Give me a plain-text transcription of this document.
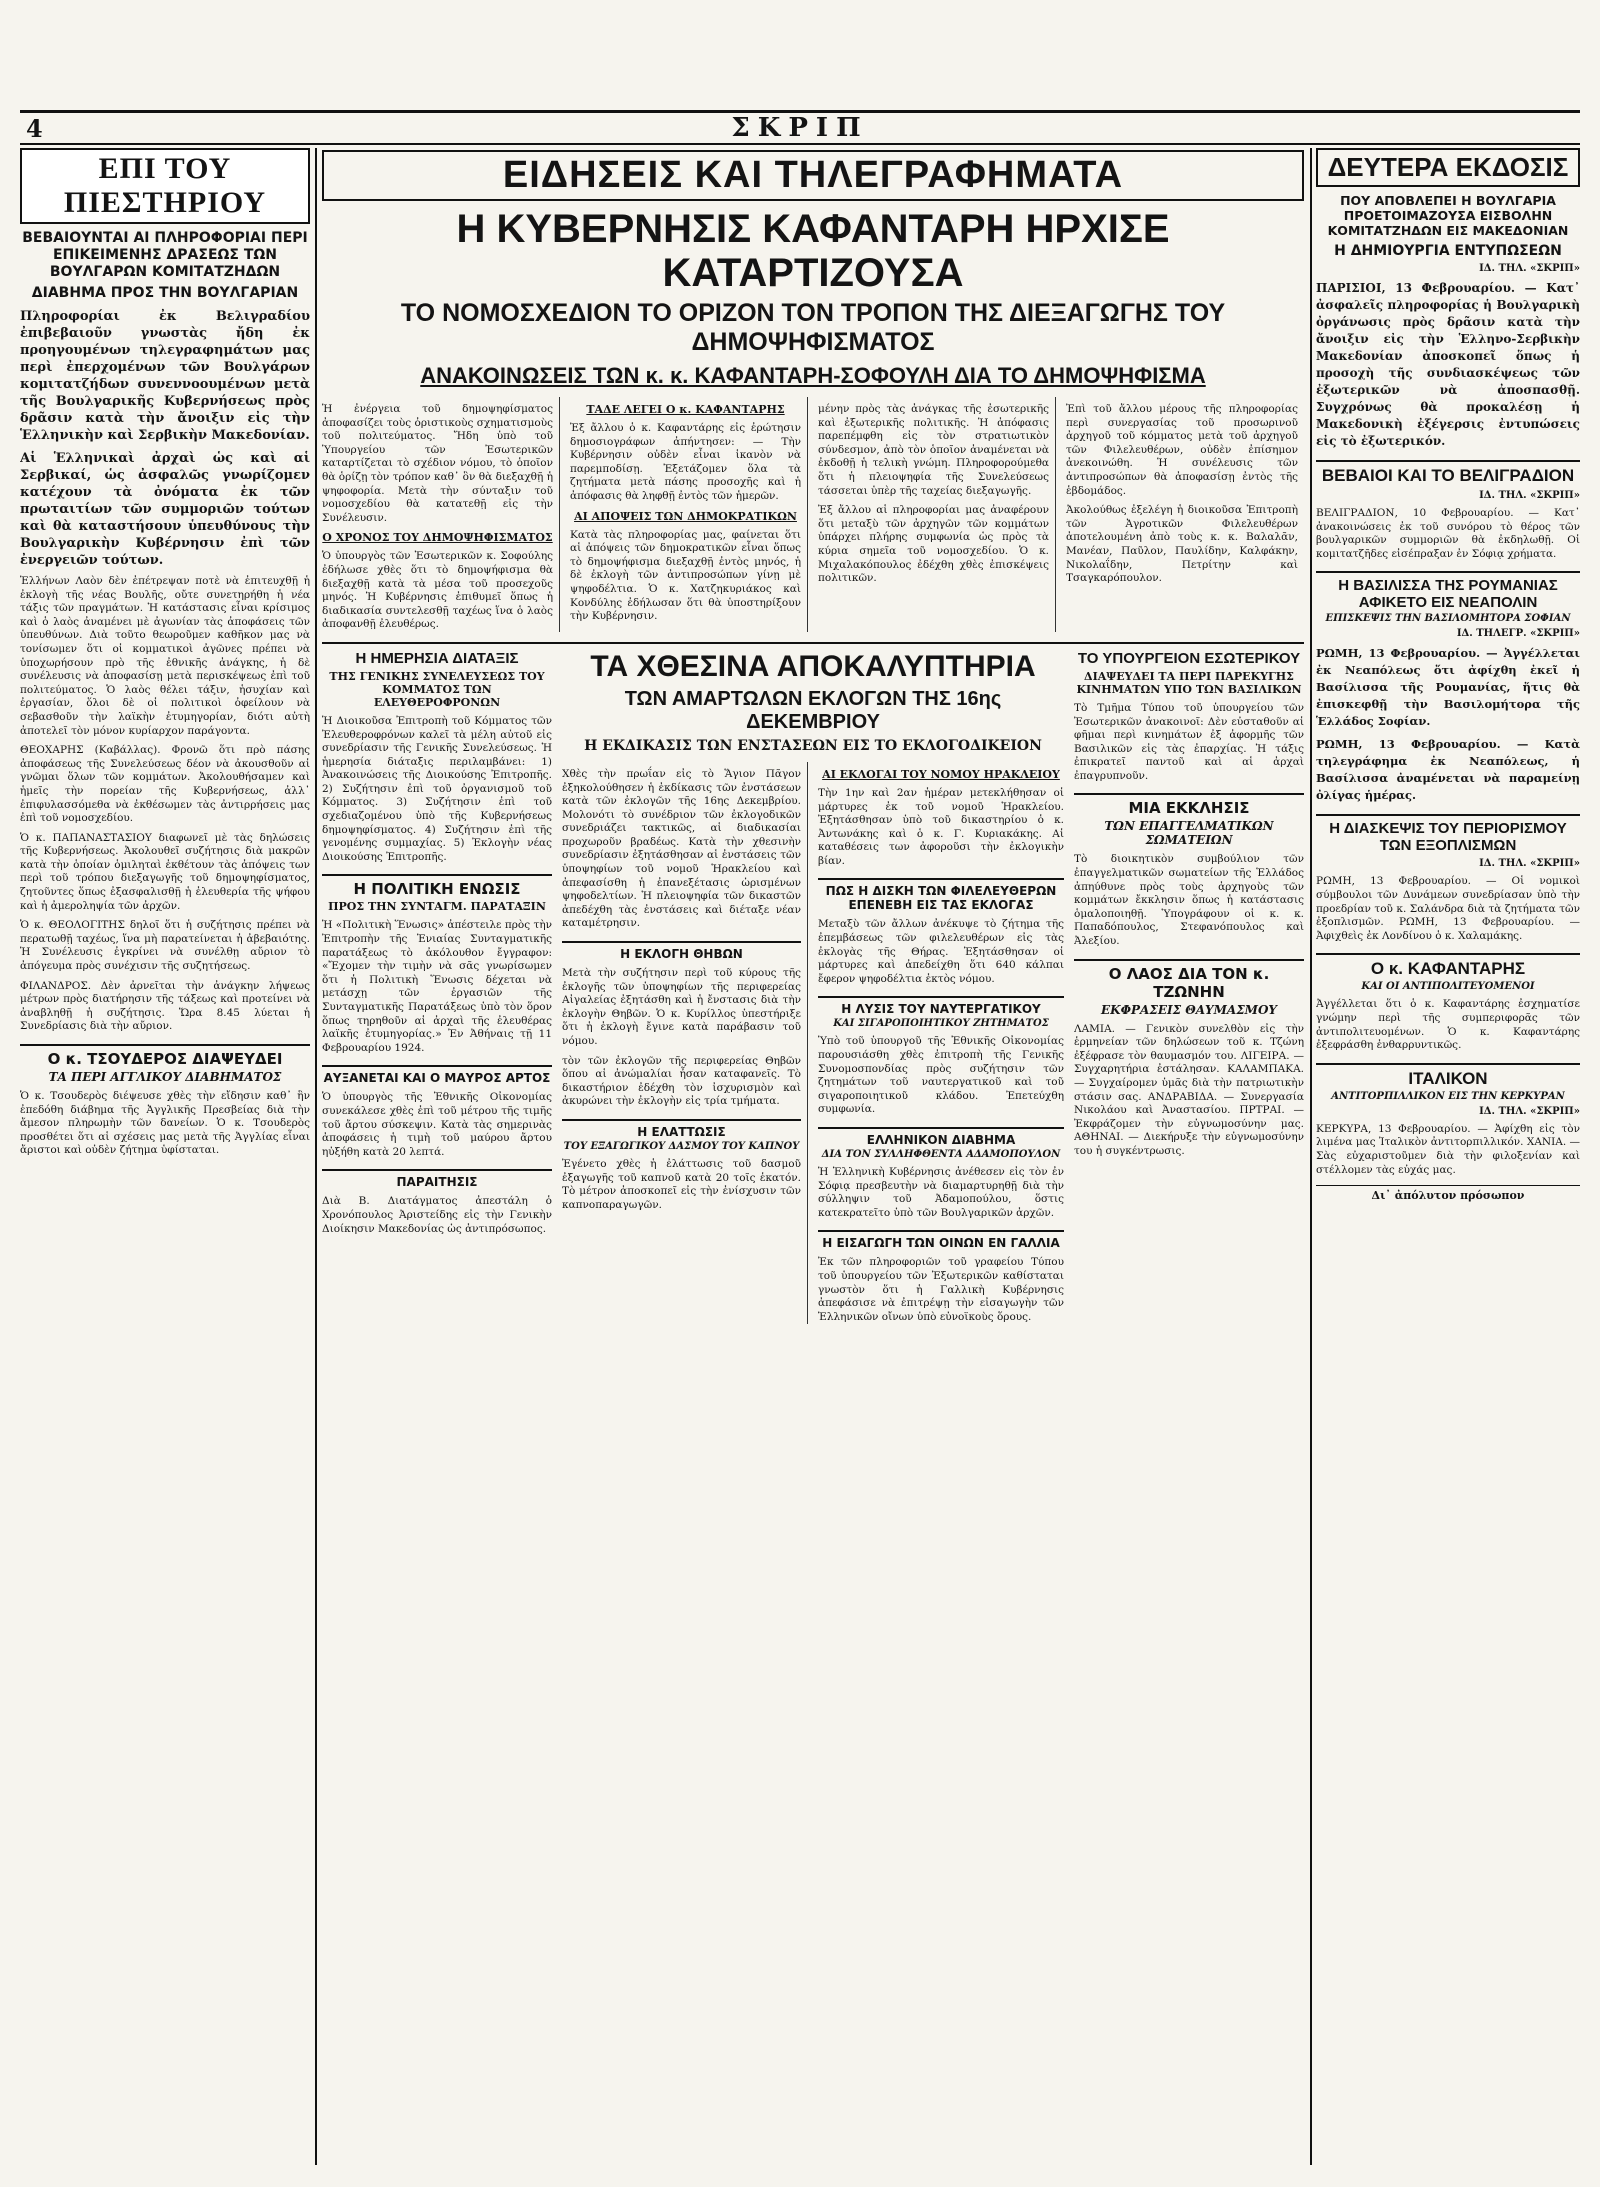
4	ΣΚΡΙΠ
ΕΠΙ ΤΟΥ ΠΙΕΣΤΗΡΙΟΥ
ΒΕΒΑΙΟΥΝΤΑΙ ΑΙ ΠΛΗΡΟΦΟΡΙΑΙ ΠΕΡΙ ΕΠΙΚΕΙΜΕΝΗΣ ΔΡΑΣΕΩΣ ΤΩΝ ΒΟΥΛΓΑΡΩΝ ΚΟΜΙΤΑΤΖΗΔΩΝ
ΔΙΑΒΗΜΑ ΠΡΟΣ ΤΗΝ ΒΟΥΛΓΑΡΙΑΝ
Πληροφορίαι ἐκ Βελιγραδίου ἐπιβεβαιοῦν γνωστὰς ἤδη ἐκ προηγουμένων τηλεγραφημάτων μας περὶ ἐπερχομένων τῶν Βουλγάρων κομιτατζήδων συνεννοουμένων μετὰ τῆς Βουλγαρικῆς Κυβερνήσεως πρὸς δρᾶσιν κατὰ τὴν ἄνοιξιν εἰς τὴν Ἑλληνικὴν καὶ Σερβικὴν Μακεδονίαν.
Αἱ Ἑλληνικαὶ ἀρχαὶ ὡς καὶ αἱ Σερβικαί, ὡς ἀσφαλῶς γνωρίζομεν κατέχουν τὰ ὀνόματα ἐκ τῶν πρωταιτίων τῶν συμμοριῶν τούτων καὶ θὰ καταστήσουν ὑπευθύνους τὴν Βουλγαρικὴν Κυβέρνησιν ἐπὶ τῶν ἐνεργειῶν τούτων.
Ἑλλήνων Λαὸν δὲν ἐπέτρεψαν ποτὲ νὰ ἐπιτευχθῇ ἡ ἐκλογὴ τῆς νέας Βουλῆς, οὔτε συνετηρήθη ἡ νέα τάξις τῶν πραγμάτων. Ἡ κατάστασις εἶναι κρίσιμος καὶ ὁ λαὸς ἀναμένει μὲ ἀγωνίαν τὰς ἀποφάσεις τῶν ὑπευθύνων. Διὰ τοῦτο θεωροῦμεν καθῆκον μας νὰ τονίσωμεν ὅτι οἱ κομματικοὶ ἀγῶνες πρέπει νὰ ὑποχωρήσουν πρὸ τῆς ἐθνικῆς ἀνάγκης, ἡ δὲ συνέλευσις νὰ ἀποφασίσῃ μετὰ περισκέψεως ἐπὶ τοῦ πολιτεύματος. Ὁ λαὸς θέλει τάξιν, ἡσυχίαν καὶ ἐργασίαν, ὅλοι δὲ οἱ πολιτικοὶ ὀφείλουν νὰ σεβασθοῦν τὴν λαϊκὴν ἐτυμηγορίαν, διότι αὐτὴ ἀποτελεῖ τὸν μόνον κυρίαρχον παράγοντα.
ΘΕΟΧΑΡΗΣ (Καβάλλας). Φρονῶ ὅτι πρὸ πάσης ἀποφάσεως τῆς Συνελεύσεως δέον νὰ ἀκουσθοῦν αἱ γνῶμαι ὅλων τῶν κομμάτων. Ἀκολουθήσαμεν καὶ ἡμεῖς τὴν πορείαν τῆς Κυβερνήσεως, ἀλλ᾽ ἐπιφυλασσόμεθα νὰ ἐκθέσωμεν τὰς ἀντιρρήσεις μας ἐπὶ τοῦ νομοσχεδίου.
Ὁ κ. ΠΑΠΑΝΑΣΤΑΣΙΟΥ διαφωνεῖ μὲ τὰς δηλώσεις τῆς Κυβερνήσεως. Ἀκολουθεῖ συζήτησις διὰ μακρῶν κατὰ τὴν ὁποίαν ὁμιληταὶ ἐκθέτουν τὰς ἀπόψεις των περὶ τοῦ τρόπου διεξαγωγῆς τοῦ δημοψηφίσματος, ζητοῦντες ὅπως ἐξασφαλισθῇ ἡ ἐλευθερία τῆς ψήφου καὶ ἡ ἀμεροληψία τῶν ἀρχῶν.
Ὁ κ. ΘΕΟΛΟΓΙΤΗΣ δηλοῖ ὅτι ἡ συζήτησις πρέπει νὰ περατωθῇ ταχέως, ἵνα μὴ παρατείνεται ἡ ἀβεβαιότης. Ἡ Συνέλευσις ἐγκρίνει νὰ συνέλθῃ αὔριον τὸ ἀπόγευμα πρὸς συνέχισιν τῆς συζητήσεως.
ΦΙΛΑΝΔΡΟΣ. Δὲν ἀρνεῖται τὴν ἀνάγκην λήψεως μέτρων πρὸς διατήρησιν τῆς τάξεως καὶ προτείνει νὰ ἀναβληθῇ ἡ συζήτησις. Ὥρα 8.45 λύεται ἡ Συνεδρίασις διὰ τὴν αὔριον.
Ο κ. ΤΣΟΥΔΕΡΟΣ ΔΙΑΨΕΥΔΕΙ
ΤΑ ΠΕΡΙ ΑΓΓΛΙΚΟΥ ΔΙΑΒΗΜΑΤΟΣ
Ὁ κ. Τσουδερὸς διέψευσε χθὲς τὴν εἴδησιν καθ᾽ ἣν ἐπεδόθη διάβημα τῆς Ἀγγλικῆς Πρεσβείας διὰ τὴν ἄμεσον πληρωμὴν τῶν δανείων. Ὁ κ. Τσουδερὸς προσθέτει ὅτι αἱ σχέσεις μας μετὰ τῆς Ἀγγλίας εἶναι ἄριστοι καὶ οὐδὲν ζήτημα ὑφίσταται.
ΕΙΔΗΣΕΙΣ ΚΑΙ ΤΗΛΕΓΡΑΦΗΜΑΤΑ
Η ΚΥΒΕΡΝΗΣΙΣ ΚΑΦΑΝΤΑΡΗ ΗΡΧΙΣΕ ΚΑΤΑΡΤΙΖΟΥΣΑ
ΤΟ ΝΟΜΟΣΧΕΔΙΟΝ ΤΟ ΟΡΙΖΟΝ ΤΟΝ ΤΡΟΠΟΝ ΤΗΣ ΔΙΕΞΑΓΩΓΗΣ ΤΟΥ ΔΗΜΟΨΗΦΙΣΜΑΤΟΣ
ΑΝΑΚΟΙΝΩΣΕΙΣ ΤΩΝ κ. κ. ΚΑΦΑΝΤΑΡΗ-ΣΟΦΟΥΛΗ ΔΙΑ ΤΟ ΔΗΜΟΨΗΦΙΣΜΑ
Ἡ ἐνέργεια τοῦ δημοψηφίσματος ἀποφασίζει τοὺς ὀριστικοὺς σχηματισμοὺς τοῦ πολιτεύματος. Ἤδη ὑπὸ τοῦ Ὑπουργείου τῶν Ἐσωτερικῶν καταρτίζεται τὸ σχέδιον νόμου, τὸ ὁποῖον θὰ ὁρίζῃ τὸν τρόπον καθ᾽ ὃν θὰ διεξαχθῇ ἡ ψηφοφορία. Μετὰ τὴν σύνταξιν τοῦ νομοσχεδίου θὰ κατατεθῇ εἰς τὴν Συνέλευσιν.
Ο ΧΡΟΝΟΣ ΤΟΥ ΔΗΜΟΨΗΦΙΣΜΑΤΟΣ
Ὁ ὑπουργὸς τῶν Ἐσωτερικῶν κ. Σοφούλης ἐδήλωσε χθὲς ὅτι τὸ δημοψήφισμα θὰ διεξαχθῇ κατὰ τὰ μέσα τοῦ προσεχοῦς μηνός. Ἡ Κυβέρνησις ἐπιθυμεῖ ὅπως ἡ διαδικασία συντελεσθῇ ταχέως ἵνα ὁ λαὸς ἀποφανθῇ ἐλευθέρως.
ΤΑΔΕ ΛΕΓΕΙ Ο κ. ΚΑΦΑΝΤΑΡΗΣ
Ἐξ ἄλλου ὁ κ. Καφαντάρης εἰς ἐρώτησιν δημοσιογράφων ἀπήντησεν: — Τὴν Κυβέρνησιν οὐδὲν εἶναι ἱκανὸν νὰ παρεμποδίσῃ. Ἐξετάζομεν ὅλα τὰ ζητήματα μετὰ πάσης προσοχῆς καὶ ἡ ἀπόφασις θὰ ληφθῇ ἐντὸς τῶν ἡμερῶν.
ΑΙ ΑΠΟΨΕΙΣ ΤΩΝ ΔΗΜΟΚΡΑΤΙΚΩΝ
Κατὰ τὰς πληροφορίας μας, φαίνεται ὅτι αἱ ἀπόψεις τῶν δημοκρατικῶν εἶναι ὅπως τὸ δημοψήφισμα διεξαχθῇ ἐντὸς μηνός, ἡ δὲ ἐκλογὴ τῶν ἀντιπροσώπων γίνῃ μὲ ψηφοδέλτια. Ὁ κ. Χατζηκυριάκος καὶ Κονδύλης ἐδήλωσαν ὅτι θὰ ὑποστηρίξουν τὴν Κυβέρνησιν.
μένην πρὸς τὰς ἀνάγκας τῆς ἐσωτερικῆς καὶ ἐξωτερικῆς πολιτικῆς. Ἡ ἀπόφασις παρεπέμφθη εἰς τὸν στρατιωτικὸν σύνδεσμον, ἀπὸ τὸν ὁποῖον ἀναμένεται νὰ ἐκδοθῇ ἡ τελικὴ γνώμη. Πληροφορούμεθα ὅτι ἡ πλειοψηφία τῆς Συνελεύσεως τάσσεται ὑπὲρ τῆς ταχείας διεξαγωγῆς.
Ἐξ ἄλλου αἱ πληροφορίαι μας ἀναφέρουν ὅτι μεταξὺ τῶν ἀρχηγῶν τῶν κομμάτων ὑπάρχει πλήρης συμφωνία ὡς πρὸς τὰ κύρια σημεῖα τοῦ νομοσχεδίου. Ὁ κ. Μιχαλακόπουλος ἐδέχθη χθὲς ἐπισκέψεις πολιτικῶν.
Ἐπὶ τοῦ ἄλλου μέρους τῆς πληροφορίας περὶ συνεργασίας τοῦ προσωρινοῦ ἀρχηγοῦ τοῦ κόμματος μετὰ τοῦ ἀρχηγοῦ τῶν Φιλελευθέρων, οὐδὲν ἐπίσημον ἀνεκοινώθη. Ἡ συνέλευσις τῶν ἀντιπροσώπων θὰ ἀποφασίσῃ ἐντὸς τῆς ἑβδομάδος.
Ἀκολούθως ἐξελέγη ἡ διοικοῦσα Ἐπιτροπὴ τῶν Ἀγροτικῶν Φιλελευθέρων ἀποτελουμένη ἀπὸ τοὺς κ. κ. Βαλαλᾶν, Μανέαν, Παῦλον, Παυλίδην, Καλφάκην, Νικολαΐδην, Πετρίτην καὶ Τσαγκαρόπουλον.
Η ΗΜΕΡΗΣΙΑ ΔΙΑΤΑΞΙΣ
ΤΗΣ ΓΕΝΙΚΗΣ ΣΥΝΕΛΕΥΣΕΩΣ ΤΟΥ ΚΟΜΜΑΤΟΣ ΤΩΝ ΕΛΕΥΘΕΡΟΦΡΟΝΩΝ
Ἡ Διοικοῦσα Ἐπιτροπὴ τοῦ Κόμματος τῶν Ἐλευθεροφρόνων καλεῖ τὰ μέλη αὐτοῦ εἰς συνεδρίασιν τῆς Γενικῆς Συνελεύσεως. Ἡ ἡμερησία διάταξις περιλαμβάνει: 1) Ἀνακοινώσεις τῆς Διοικούσης Ἐπιτροπῆς. 2) Συζήτησιν ἐπὶ τοῦ ὀργανισμοῦ τοῦ Κόμματος. 3) Συζήτησιν ἐπὶ τοῦ σχεδιαζομένου ὑπὸ τῆς Κυβερνήσεως δημοψηφίσματος. 4) Συζήτησιν ἐπὶ τῆς γενομένης συμμαχίας. 5) Ἐκλογὴν νέας Διοικούσης Ἐπιτροπῆς.
Η ΠΟΛΙΤΙΚΗ ΕΝΩΣΙΣ
ΠΡΟΣ ΤΗΝ ΣΥΝΤΑΓΜ. ΠΑΡΑΤΑΞΙΝ
Ἡ «Πολιτικὴ Ἕνωσις» ἀπέστειλε πρὸς τὴν Ἐπιτροπὴν τῆς Ἑνιαίας Συνταγματικῆς παρατάξεως τὸ ἀκόλουθον ἔγγραφον: «Ἔχομεν τὴν τιμὴν νὰ σᾶς γνωρίσωμεν ὅτι ἡ Πολιτικὴ Ἕνωσις δέχεται νὰ μετάσχῃ τῶν ἐργασιῶν τῆς Συνταγματικῆς Παρατάξεως ὑπὸ τὸν ὅρον ὅπως τηρηθοῦν αἱ ἀρχαὶ τῆς ἐλευθέρας λαϊκῆς ἐτυμηγορίας.» Ἐν Ἀθήναις τῇ 11 Φεβρουαρίου 1924.
ΑΥΞΑΝΕΤΑΙ ΚΑΙ Ο ΜΑΥΡΟΣ ΑΡΤΟΣ
Ὁ ὑπουργὸς τῆς Ἐθνικῆς Οἰκονομίας συνεκάλεσε χθὲς ἐπὶ τοῦ μέτρου τῆς τιμῆς τοῦ ἄρτου σύσκεψιν. Κατὰ τὰς σημερινὰς ἀποφάσεις ἡ τιμὴ τοῦ μαύρου ἄρτου ηὐξήθη κατὰ 20 λεπτά.
ΠΑΡΑΙΤΗΣΙΣ
Διὰ Β. Διατάγματος ἀπεστάλη ὁ Χρονόπουλος Ἀριστείδης εἰς τὴν Γενικὴν Διοίκησιν Μακεδονίας ὡς ἀντιπρόσωπος.
ΤΑ ΧΘΕΣΙΝΑ ΑΠΟΚΑΛΥΠΤΗΡΙΑ
ΤΩΝ ΑΜΑΡΤΩΛΩΝ ΕΚΛΟΓΩΝ ΤΗΣ 16ης ΔΕΚΕΜΒΡΙΟΥ
Η ΕΚΔΙΚΑΣΙΣ ΤΩΝ ΕΝΣΤΑΣΕΩΝ ΕΙΣ ΤΟ ΕΚΛΟΓΟΔΙΚΕΙΟΝ
Χθὲς τὴν πρωΐαν εἰς τὸ Ἅγιον Πᾶγον ἐξηκολούθησεν ἡ ἐκδίκασις τῶν ἐνστάσεων κατὰ τῶν ἐκλογῶν τῆς 16ης Δεκεμβρίου. Μολονότι τὸ συνέδριον τῶν ἐκλογοδικῶν συνεδριάζει τακτικῶς, αἱ διαδικασίαι προχωροῦν βραδέως. Κατὰ τὴν χθεσινὴν συνεδρίασιν ἐξητάσθησαν αἱ ἐνστάσεις τῶν ὑποψηφίων τοῦ νομοῦ Ἡρακλείου καὶ ἀπεφασίσθη ἡ ἐπανεξέτασις ὡρισμένων ψηφοδελτίων. Ἡ πλειοψηφία τῶν δικαστῶν ἀπεδέχθη τὰς ἐνστάσεις καὶ διέταξε νέαν καταμέτρησιν.
Η ΕΚΛΟΓΗ ΘΗΒΩΝ
Μετὰ τὴν συζήτησιν περὶ τοῦ κύρους τῆς ἐκλογῆς τῶν ὑποψηφίων τῆς περιφερείας Αἰγαλείας ἐξητάσθη καὶ ἡ ἔνστασις διὰ τὴν ἐκλογὴν Θηβῶν. Ὁ κ. Κυρίλλος ὑπεστήριξε ὅτι ἡ ἐκλογὴ ἔγινε κατὰ παράβασιν τοῦ νόμου.
τὸν τῶν ἐκλογῶν τῆς περιφερείας Θηβῶν ὅπου αἱ ἀνώμαλίαι ἦσαν καταφανεῖς. Τὸ δικαστήριον ἐδέχθη τὸν ἰσχυρισμὸν καὶ ἀκυρώνει τὴν ἐκλογὴν εἰς τρία τμήματα.
Η ΕΛΑΤΤΩΣΙΣ
ΤΟΥ ΕΞΑΓΩΓΙΚΟΥ ΔΑΣΜΟΥ ΤΟΥ ΚΑΠΝΟΥ
Ἐγένετο χθὲς ἡ ἐλάττωσις τοῦ δασμοῦ ἐξαγωγῆς τοῦ καπνοῦ κατὰ 20 τοῖς ἑκατόν. Τὸ μέτρον ἀποσκοπεῖ εἰς τὴν ἐνίσχυσιν τῶν καπνοπαραγωγῶν.
ΑΙ ΕΚΛΟΓΑΙ ΤΟΥ ΝΟΜΟΥ ΗΡΑΚΛΕΙΟΥ
Τὴν 1ην καὶ 2αν ἡμέραν μετεκλήθησαν οἱ μάρτυρες ἐκ τοῦ νομοῦ Ἡρακλείου. Ἐξητάσθησαν ὑπὸ τοῦ δικαστηρίου ὁ κ. Ἀντωνάκης καὶ ὁ κ. Γ. Κυριακάκης. Αἱ καταθέσεις των ἀφοροῦσι τὴν ἐκλογικὴν βίαν.
ΠΩΣ Η ΔΙΣΚΗ ΤΩΝ ΦΙΛΕΛΕΥΘΕΡΩΝ ΕΠΕΝΕΒΗ ΕΙΣ ΤΑΣ ΕΚΛΟΓΑΣ
Μεταξὺ τῶν ἄλλων ἀνέκυψε τὸ ζήτημα τῆς ἐπεμβάσεως τῶν φιλελευθέρων εἰς τὰς ἐκλογὰς τῆς Θήρας. Ἐξητάσθησαν οἱ μάρτυρες καὶ ἀπεδείχθη ὅτι 640 κάλπαι ἔφερον ψηφοδέλτια ἐκτὸς νόμου.
Η ΛΥΣΙΣ ΤΟΥ ΝΑΥΤΕΡΓΑΤΙΚΟΥ
ΚΑΙ ΣΙΓΑΡΟΠΟΙΗΤΙΚΟΥ ΖΗΤΗΜΑΤΟΣ
Ὑπὸ τοῦ ὑπουργοῦ τῆς Ἐθνικῆς Οἰκονομίας παρουσιάσθη χθὲς ἐπιτροπὴ τῆς Γενικῆς Συνομοσπονδίας πρὸς συζήτησιν τῶν ζητημάτων τοῦ ναυτεργατικοῦ καὶ τοῦ σιγαροποιητικοῦ κλάδου. Ἐπετεύχθη συμφωνία.
ΕΛΛΗΝΙΚΟΝ ΔΙΑΒΗΜΑ
ΔΙΑ ΤΟΝ ΣΥΛΛΗΦΘΕΝΤΑ ΑΔΑΜΟΠΟΥΛΟΝ
Ἡ Ἑλληνικὴ Κυβέρνησις ἀνέθεσεν εἰς τὸν ἐν Σόφιᾳ πρεσβευτὴν νὰ διαμαρτυρηθῇ διὰ τὴν σύλληψιν τοῦ Ἀδαμοπούλου, ὅστις κατεκρατεῖτο ὑπὸ τῶν Βουλγαρικῶν ἀρχῶν.
Η ΕΙΣΑΓΩΓΗ ΤΩΝ ΟΙΝΩΝ ΕΝ ΓΑΛΛΙΑ
Ἐκ τῶν πληροφοριῶν τοῦ γραφείου Τύπου τοῦ ὑπουργείου τῶν Ἐξωτερικῶν καθίσταται γνωστὸν ὅτι ἡ Γαλλικὴ Κυβέρνησις ἀπεφάσισε νὰ ἐπιτρέψῃ τὴν εἰσαγωγὴν τῶν Ἑλληνικῶν οἴνων ὑπὸ εὐνοϊκοὺς ὅρους.
ΤΟ ΥΠΟΥΡΓΕΙΟΝ ΕΣΩΤΕΡΙΚΟΥ
ΔΙΑΨΕΥΔΕΙ ΤΑ ΠΕΡΙ ΠΑΡΕΚΥΓΗΣ ΚΙΝΗΜΑΤΩΝ ΥΠΟ ΤΩΝ ΒΑΣΙΛΙΚΩΝ
Τὸ Τμῆμα Τύπου τοῦ ὑπουργείου τῶν Ἐσωτερικῶν ἀνακοινοῖ: Δὲν εὐσταθοῦν αἱ φῆμαι περὶ κινημάτων ἐξ ἀφορμῆς τῶν Βασιλικῶν εἰς τὰς ἐπαρχίας. Ἡ τάξις ἐπικρατεῖ παντοῦ καὶ αἱ ἀρχαὶ ἐπαγρυπνοῦν.
ΜΙΑ ΕΚΚΛΗΣΙΣ
ΤΩΝ ΕΠΑΓΓΕΛΜΑΤΙΚΩΝ ΣΩΜΑΤΕΙΩΝ
Τὸ διοικητικὸν συμβούλιον τῶν ἐπαγγελματικῶν σωματείων τῆς Ἑλλάδος ἀπηύθυνε πρὸς τοὺς ἀρχηγοὺς τῶν κομμάτων ἔκκλησιν ὅπως ἡ κατάστασις ὁμαλοποιηθῇ. Ὑπογράφουν οἱ κ. κ. Παπαδόπουλος, Στεφανόπουλος καὶ Ἀλεξίου.
Ο ΛΑΟΣ ΔΙΑ ΤΟΝ κ. ΤΖΩΝΗΝ
ΕΚΦΡΑΣΕΙΣ ΘΑΥΜΑΣΜΟΥ
ΛΑΜΙΑ. — Γενικὸν συνελθὸν εἰς τὴν ἑρμηνείαν τῶν δηλώσεων τοῦ κ. Τζώνη ἐξέφρασε τὸν θαυμασμόν του. ΛΙΓΕΙΡΑ. — Συγχαρητήρια ἐστάλησαν. ΚΑΛΑΜΠΑΚΑ. — Συγχαίρομεν ὑμᾶς διὰ τὴν πατριωτικὴν στάσιν σας. ΑΝΔΡΑΒΙΔΑ. — Συνεργασία Νικολάου καὶ Ἀναστασίου. ΠΡΤΡΑΙ. — Ἐκφράζομεν τὴν εὐγνωμοσύνην μας. ΑΘΗΝΑΙ. — Διεκήρυξε τὴν εὐγνωμοσύνην του ἡ συγκέντρωσις.
ΔΕΥΤΕΡΑ ΕΚΔΟΣΙΣ
ΠΟΥ ΑΠΟΒΛΕΠΕΙ Η ΒΟΥΛΓΑΡΙΑ ΠΡΟΕΤΟΙΜΑΖΟΥΣΑ ΕΙΣΒΟΛΗΝ ΚΟΜΙΤΑΤΖΗΔΩΝ ΕΙΣ ΜΑΚΕΔΟΝΙΑΝ
Η ΔΗΜΙΟΥΡΓΙΑ ΕΝΤΥΠΩΣΕΩΝ
ΙΔ. ΤΗΛ. «ΣΚΡΙΠ»
ΠΑΡΙΣΙΟΙ, 13 Φεβρουαρίου. — Κατ᾽ ἀσφαλεῖς πληροφορίας ἡ Βουλγαρικὴ ὀργάνωσις πρὸς δρᾶσιν κατὰ τὴν ἄνοιξιν εἰς τὴν Ἑλληνο-Σερβικὴν Μακεδονίαν ἀποσκοπεῖ ὅπως ἡ προσοχὴ τῆς συνδιασκέψεως τῶν ἐξωτερικῶν νὰ ἀποσπασθῇ. Συγχρόνως θὰ προκαλέσῃ ἡ Μακεδονικὴ ἐξέγερσις ἐντυπώσεις εἰς τὸ ἐξωτερικόν.
ΒΕΒΑΙΟΙ ΚΑΙ ΤΟ ΒΕΛΙΓΡΑΔΙΟΝ
ΙΔ. ΤΗΛ. «ΣΚΡΙΠ»
ΒΕΛΙΓΡΑΔΙΟΝ, 10 Φεβρουαρίου. — Κατ᾽ ἀνακοινώσεις ἐκ τοῦ συνόρου τὸ θέρος τῶν βουλγαρικῶν συμμοριῶν θὰ ἐκδηλωθῇ. Οἱ κομιτατζῆδες εἰσέπραξαν ἐν Σόφιᾳ χρήματα.
Η ΒΑΣΙΛΙΣΣΑ ΤΗΣ ΡΟΥΜΑΝΙΑΣ ΑΦΙΚΕΤΟ ΕΙΣ ΝΕΑΠΟΛΙΝ
ΕΠΙΣΚΕΨΙΣ ΤΗΝ ΒΑΣΙΛΟΜΗΤΟΡΑ ΣΟΦΙΑΝ
ΙΔ. ΤΗΛΕΓΡ. «ΣΚΡΙΠ»
ΡΩΜΗ, 13 Φεβρουαρίου. — Ἀγγέλλεται ἐκ Νεαπόλεως ὅτι ἀφίχθη ἐκεῖ ἡ Βασίλισσα τῆς Ρουμανίας, ἥτις θὰ ἐπισκεφθῇ τὴν Βασιλομήτορα τῆς Ἑλλάδος Σοφίαν.
ΡΩΜΗ, 13 Φεβρουαρίου. — Κατὰ τηλεγράφημα ἐκ Νεαπόλεως, ἡ Βασίλισσα ἀναμένεται νὰ παραμείνῃ ὀλίγας ἡμέρας.
Η ΔΙΑΣΚΕΨΙΣ ΤΟΥ ΠΕΡΙΟΡΙΣΜΟΥ ΤΩΝ ΕΞΟΠΛΙΣΜΩΝ
ΙΔ. ΤΗΛ. «ΣΚΡΙΠ»
ΡΩΜΗ, 13 Φεβρουαρίου. — Οἱ νομικοὶ σύμβουλοι τῶν Δυνάμεων συνεδρίασαν ὑπὸ τὴν προεδρίαν τοῦ κ. Σαλάνδρα διὰ τὰ ζητήματα τῶν ἐξοπλισμῶν. ΡΩΜΗ, 13 Φεβρουαρίου. — Ἀφιχθεὶς ἐκ Λονδίνου ὁ κ. Χαλαμάκης.
Ο κ. ΚΑΦΑΝΤΑΡΗΣ
ΚΑΙ ΟΙ ΑΝΤΙΠΟΛΙΤΕΥΟΜΕΝΟΙ
Ἀγγέλλεται ὅτι ὁ κ. Καφαντάρης ἐσχηματίσε γνώμην περὶ τῆς συμπεριφορᾶς τῶν ἀντιπολιτευομένων. Ὁ κ. Καφαντάρης ἐξεφράσθη ἐνθαρρυντικῶς.
ΙΤΑΛΙΚΟΝ
ΑΝΤΙΤΟΡΠΙΛΛΙΚΟΝ ΕΙΣ ΤΗΝ ΚΕΡΚΥΡΑΝ
ΙΔ. ΤΗΛ. «ΣΚΡΙΠ»
ΚΕΡΚΥΡΑ, 13 Φεβρουαρίου. — Ἀφίχθη εἰς τὸν λιμένα μας Ἰταλικὸν ἀντιτορπιλλικόν. ΧΑΝΙΑ. — Σὰς εὐχαριστοῦμεν διὰ τὴν φιλοξενίαν καὶ στέλλομεν τὰς εὐχάς μας.
Δι᾽ ἀπόλυτον πρόσωπον
